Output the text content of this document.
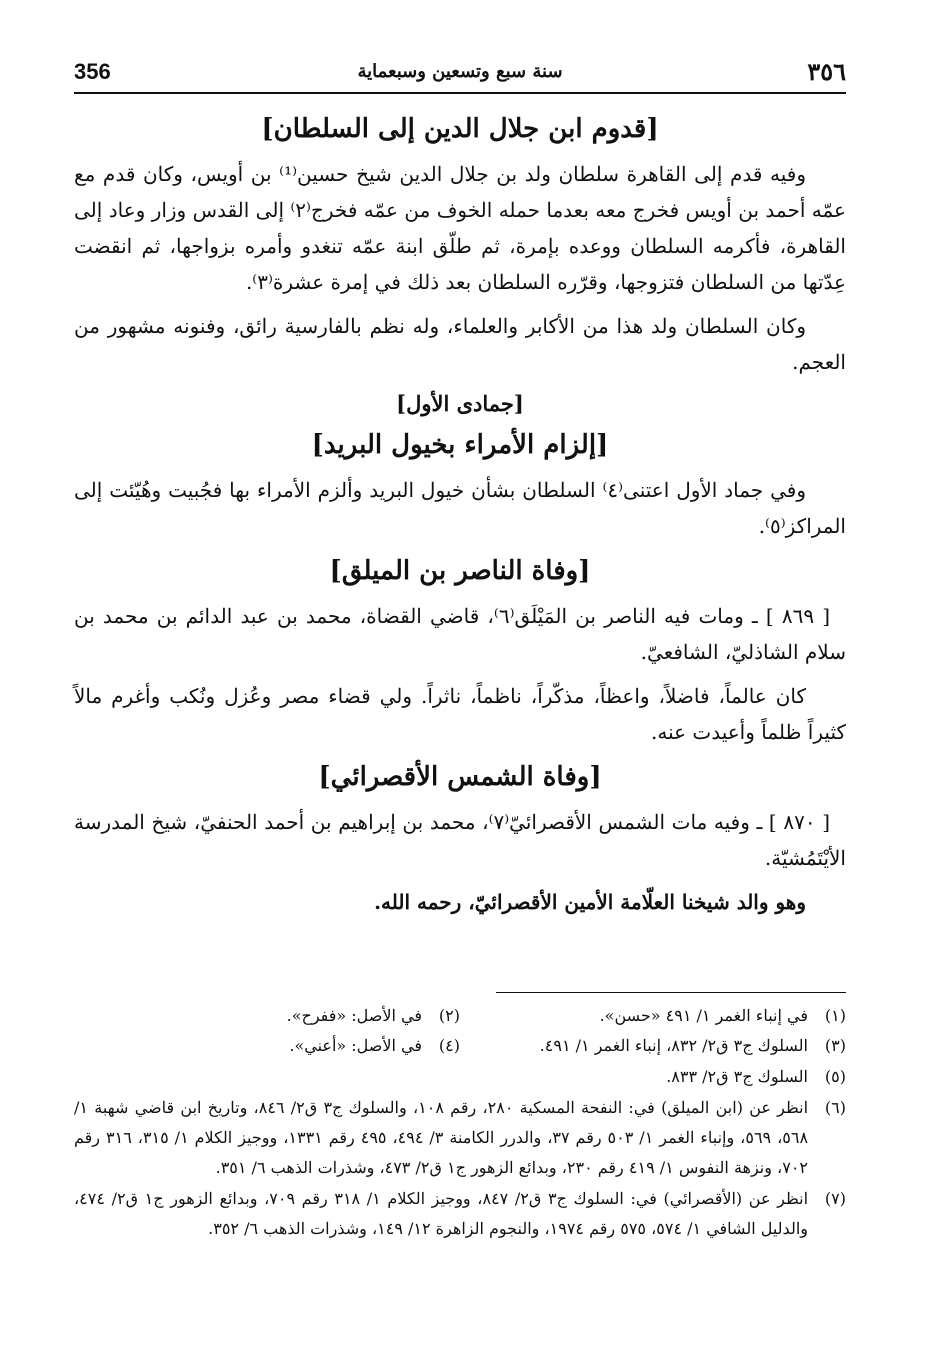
356	سنة سبع وتسعين وسبعماية	٣٥٦
[قدوم ابن جلال الدين إلى السلطان]

وفيه قدم إلى القاهرة سلطان ولد بن جلال الدين شيخ حسين⁽¹⁾ بن أويس، وكان قدم مع عمّه أحمد بن أويس فخرج معه بعدما حمله الخوف من عمّه فخرج⁽٢⁾ إلى القدس وزار وعاد إلى القاهرة، فأكرمه السلطان ووعده بإمرة، ثم طلّق ابنة عمّه تنغدو وأمره بزواجها، ثم انقضت عِدّتها من السلطان فتزوجها، وقرّره السلطان بعد ذلك في إمرة عشرة⁽٣⁾.

وكان السلطان ولد هذا من الأكابر والعلماء، وله نظم بالفارسية رائق، وفنونه مشهور من العجم.

[جمادى الأول]
[إلزام الأمراء بخيول البريد]

وفي جماد الأول اعتنى⁽٤⁾ السلطان بشأن خيول البريد وألزم الأمراء بها فجُبيت وهُيّئت إلى المراكز⁽٥⁾.

[وفاة الناصر بن الميلق]

[ ٨٦٩ ] ـ ومات فيه الناصر بن المَيْلَق⁽٦⁾، قاضي القضاة، محمد بن عبد الدائم بن محمد بن سلام الشاذليّ، الشافعيّ.

كان عالماً، فاضلاً، واعظاً، مذكّراً، ناظماً، ناثراً. ولي قضاء مصر وعُزل ونُكب وأغرم مالاً كثيراً ظلماً وأعيدت عنه.

[وفاة الشمس الأقصرائي]

[ ٨٧٠ ] ـ وفيه مات الشمس الأقصرائيّ⁽٧⁾، محمد بن إبراهيم بن أحمد الحنفيّ، شيخ المدرسة الأيْتَمُشيّة.

وهو والد شيخنا العلّامة الأمين الأقصرائيّ، رحمه الله.

(١)
في إنباء الغمر ١/ ٤٩١ «حسن».
(٢)
في الأصل: «ففرح».
(٣)
السلوك ج٣ ق٢/ ٨٣٢، إنباء الغمر ١/ ٤٩١.
(٤)
في الأصل: «أعني».
(٥)
السلوك ج٣ ق٢/ ٨٣٣.
(٦)
انظر عن (ابن الميلق) في: النفحة المسكية ٢٨٠، رقم ١٠٨، والسلوك ج٣ ق٢/ ٨٤٦، وتاريخ ابن قاضي شهبة ١/ ٥٦٨، ٥٦٩، وإنباء الغمر ١/ ٥٠٣ رقم ٣٧، والدرر الكامنة ٣/ ٤٩٤، ٤٩٥ رقم ١٣٣١، ووجيز الكلام ١/ ٣١٥، ٣١٦ رقم ٧٠٢، ونزهة النفوس ١/ ٤١٩ رقم ٢٣٠، وبدائع الزهور ج١ ق٢/ ٤٧٣، وشذرات الذهب ٦/ ٣٥١.
(٧)
انظر عن (الأقصرائي) في: السلوك ج٣ ق٢/ ٨٤٧، ووجيز الكلام ١/ ٣١٨ رقم ٧٠٩، وبدائع الزهور ج١ ق٢/ ٤٧٤، والدليل الشافي ١/ ٥٧٤، ٥٧٥ رقم ١٩٧٤، والنجوم الزاهرة ١٢/ ١٤٩، وشذرات الذهب ٦/ ٣٥٢.
